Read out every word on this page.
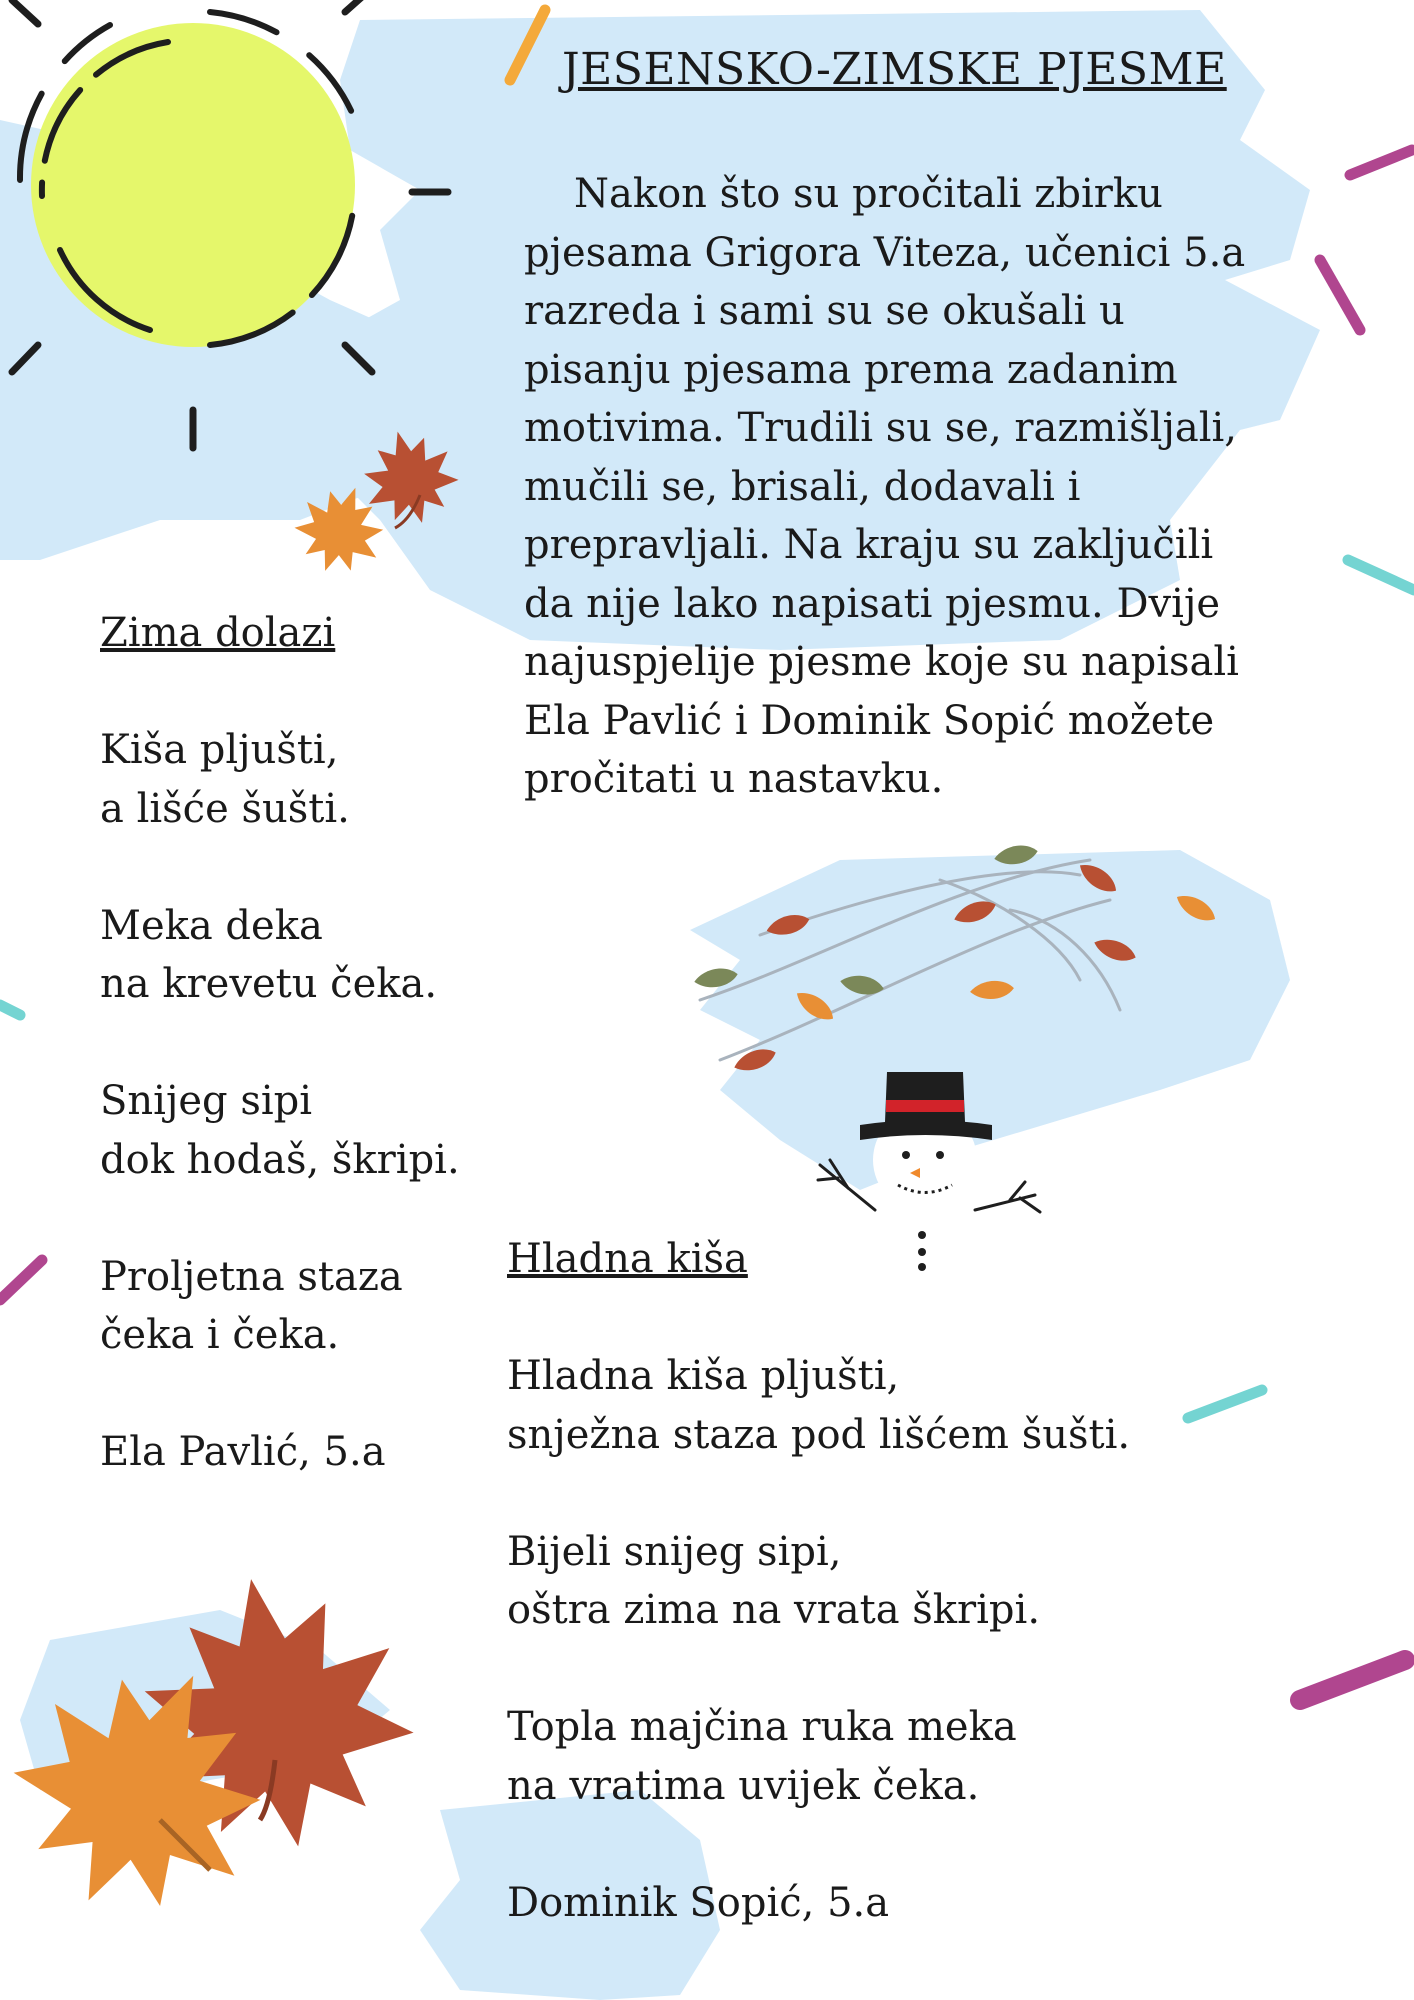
JESENSKO-ZIMSKE PJESME

Nakon što su pročitali zbirku
pjesama Grigora Viteza, učenici 5.a
razreda i sami su se okušali u
pisanju pjesama prema zadanim
motivima. Trudili su se, razmišljali,
mučili se, brisali, dodavali i
prepravljali. Na kraju su zaključili
da nije lako napisati pjesmu. Dvije
najuspjelije pjesme koje su napisali
Ela Pavlić i Dominik Sopić možete
pročitati u nastavku.

Zima dolazi
Kiša pljušti,
a lišće šušti.
Meka deka
na krevetu čeka.
Snijeg sipi
dok hodaš, škripi.
Proljetna staza
čeka i čeka.
Ela Pavlić, 5.a
Hladna kiša
Hladna kiša pljušti,
snježna staza pod lišćem šušti.
Bijeli snijeg sipi,
oštra zima na vrata škripi.
Topla majčina ruka meka
na vratima uvijek čeka.
Dominik Sopić, 5.a
